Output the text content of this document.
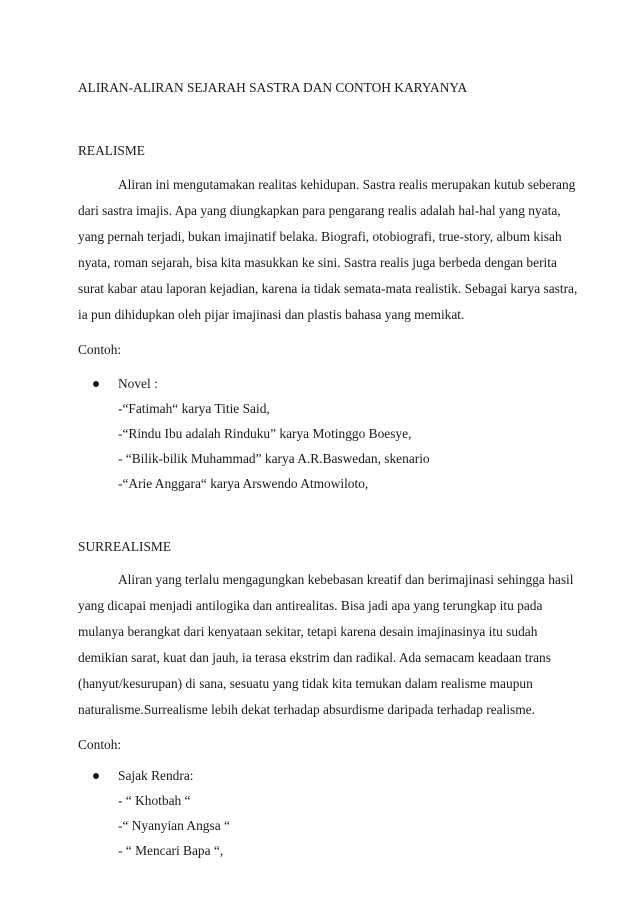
ALIRAN-ALIRAN SEJARAH SASTRA DAN CONTOH KARYANYA
REALISME
Aliran ini mengutamakan realitas kehidupan. Sastra realis merupakan kutub seberang
dari sastra imajis. Apa yang diungkapkan para pengarang realis adalah hal-hal yang nyata,
yang pernah terjadi, bukan imajinatif belaka. Biografi, otobiografi, true-story, album kisah
nyata, roman sejarah, bisa kita masukkan ke sini. Sastra realis juga berbeda dengan berita
surat kabar atau laporan kejadian, karena ia tidak semata-mata realistik. Sebagai karya sastra,
ia pun dihidupkan oleh pijar imajinasi dan plastis bahasa yang memikat.
Contoh:
Novel :
-“Fatimah“ karya Titie Said,
-“Rindu Ibu adalah Rinduku” karya Motinggo Boesye,
- “Bilik-bilik Muhammad” karya A.R.Baswedan, skenario
-“Arie Anggara“ karya Arswendo Atmowiloto,
SURREALISME
Aliran yang terlalu mengagungkan kebebasan kreatif dan berimajinasi sehingga hasil
yang dicapai menjadi antilogika dan antirealitas. Bisa jadi apa yang terungkap itu pada
mulanya berangkat dari kenyataan sekitar, tetapi karena desain imajinasinya itu sudah
demikian sarat, kuat dan jauh, ia terasa ekstrim dan radikal. Ada semacam keadaan trans
(hanyut/kesurupan) di sana, sesuatu yang tidak kita temukan dalam realisme maupun
naturalisme.Surrealisme lebih dekat terhadap absurdisme daripada terhadap realisme.
Contoh:
Sajak Rendra:
- “ Khotbah “
-“ Nyanyian Angsa “
- “ Mencari Bapa “,
